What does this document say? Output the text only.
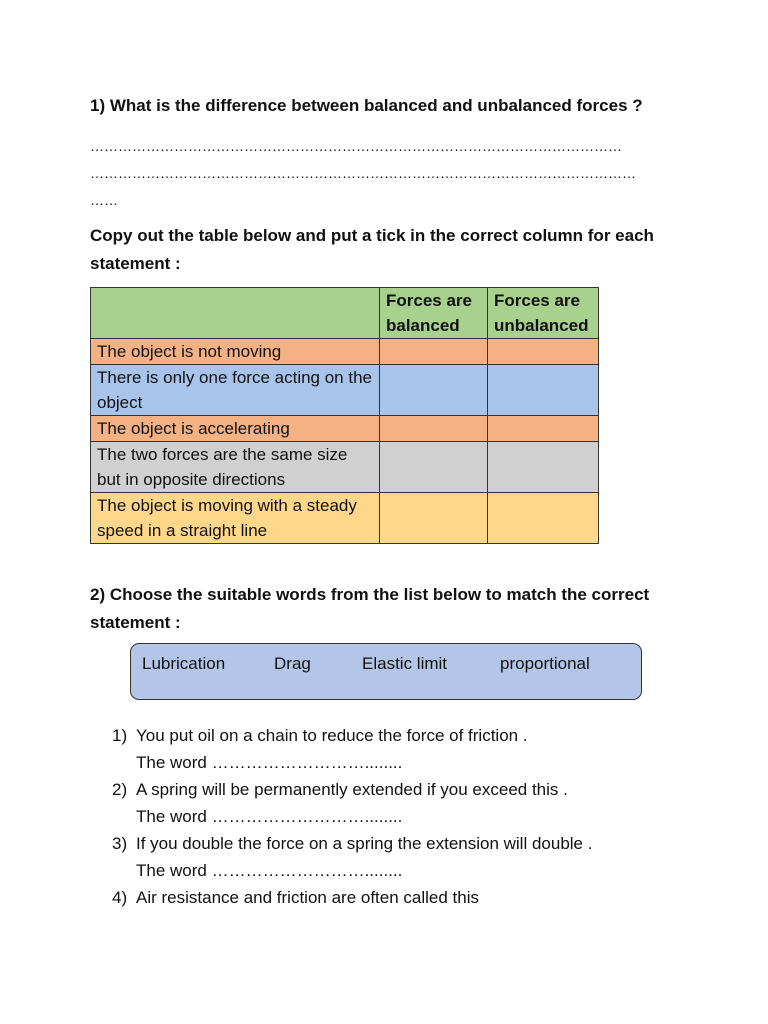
1) What is the difference between balanced and unbalanced forces ?
……………………………………………………………………………………………………
………………………………………………………………………………………………………
……
Copy out the table below and put a tick in the correct column for each statement :
	Forces are balanced	Forces are unbalanced
The object is not moving		
There is only one force acting on the object		
The object is accelerating		
The two forces are the same size but in opposite directions		
The object is moving with a steady speed in a straight line		
2) Choose the suitable words from the list below to match the correct statement :
Lubrication	Drag	Elastic limit	proportional
1) You put oil on a chain to reduce the force of friction .
The word ………………………........
2) A spring will be permanently extended if you exceed this .
The word ………………………........
3) If you double the force on a spring the extension will double .
The word ………………………........
4) Air resistance and friction are often called this
